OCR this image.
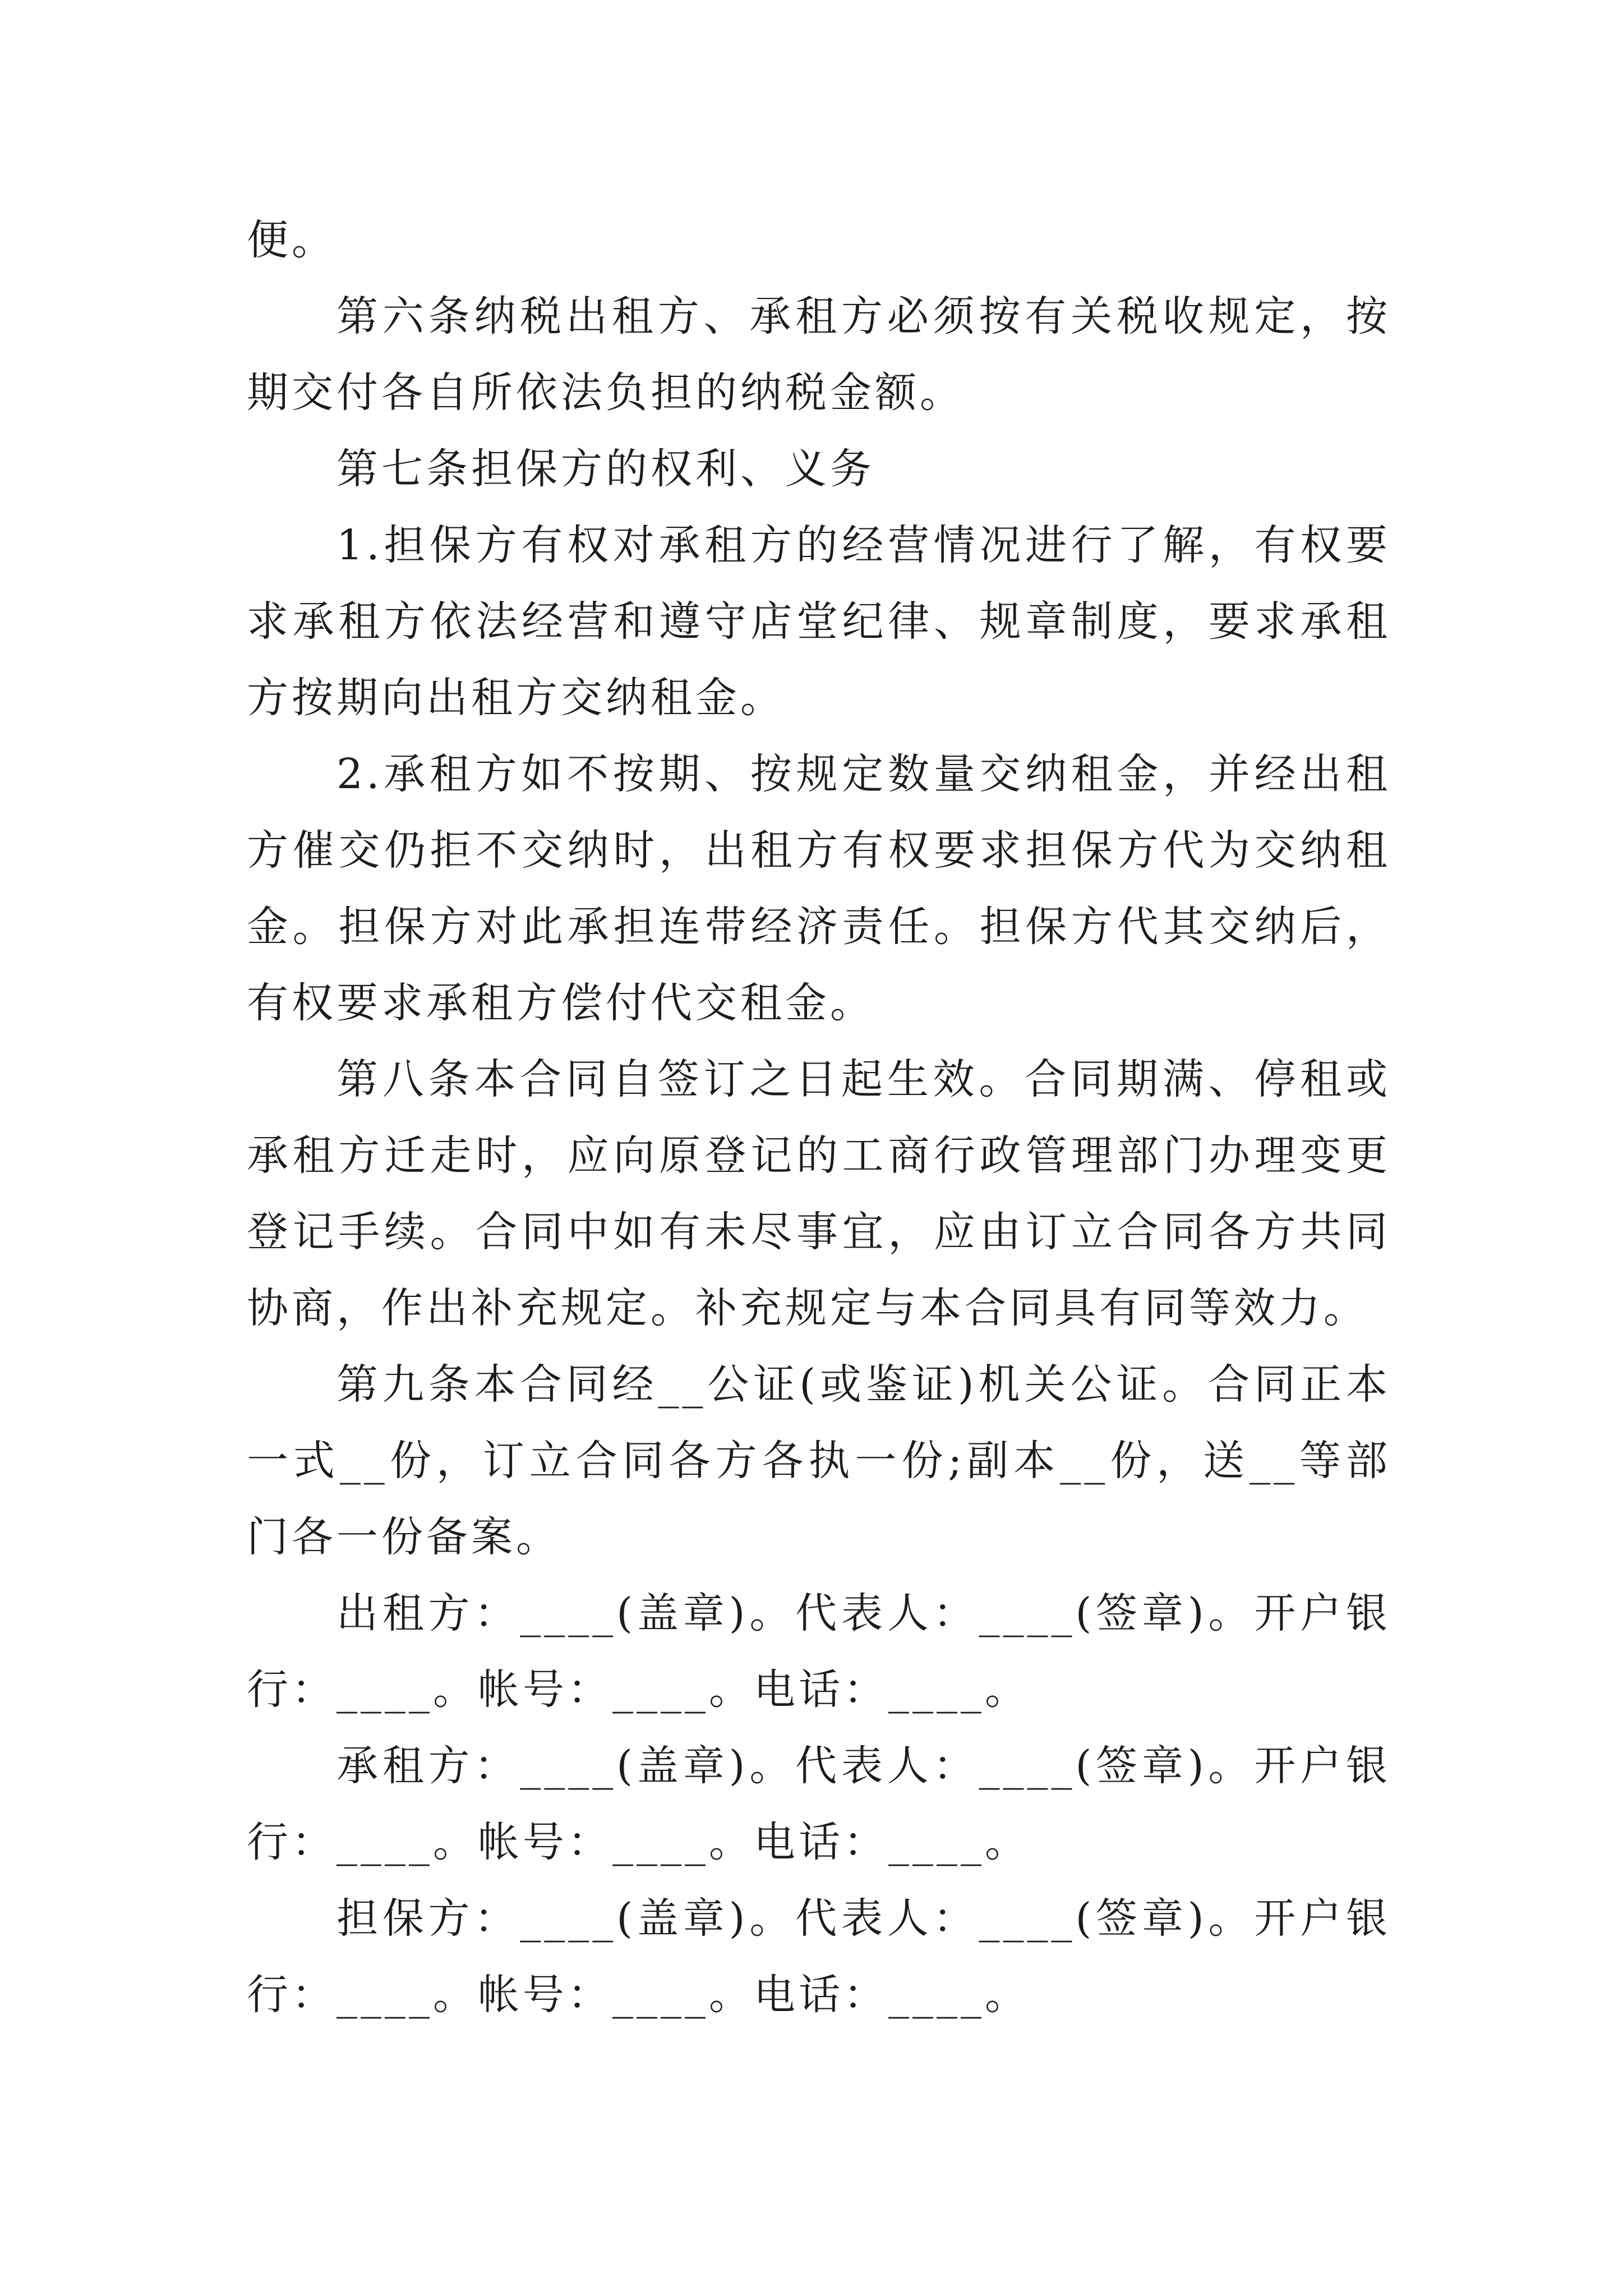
便。

第六条纳税出租方、承租方必须按有关税收规定，按期交付各自所依法负担的纳税金额。

第七条担保方的权利、义务

1.担保方有权对承租方的经营情况进行了解，有权要求承租方依法经营和遵守店堂纪律、规章制度，要求承租方按期向出租方交纳租金。

2.承租方如不按期、按规定数量交纳租金，并经出租方催交仍拒不交纳时，出租方有权要求担保方代为交纳租金。担保方对此承担连带经济责任。担保方代其交纳后，有权要求承租方偿付代交租金。

第八条本合同自签订之日起生效。合同期满、停租或承租方迁走时，应向原登记的工商行政管理部门办理变更登记手续。合同中如有未尽事宜，应由订立合同各方共同协商，作出补充规定。补充规定与本合同具有同等效力。

第九条本合同经__公证(或鉴证)机关公证。合同正本一式__份，订立合同各方各执一份;副本__份，送__等部门各一份备案。

出租方：____(盖章)。代表人：____(签章)。开户银行：____。帐号：____。电话：____。

承租方：____(盖章)。代表人：____(签章)。开户银行：____。帐号：____。电话：____。

担保方：____(盖章)。代表人：____(签章)。开户银行：____。帐号：____。电话：____。
